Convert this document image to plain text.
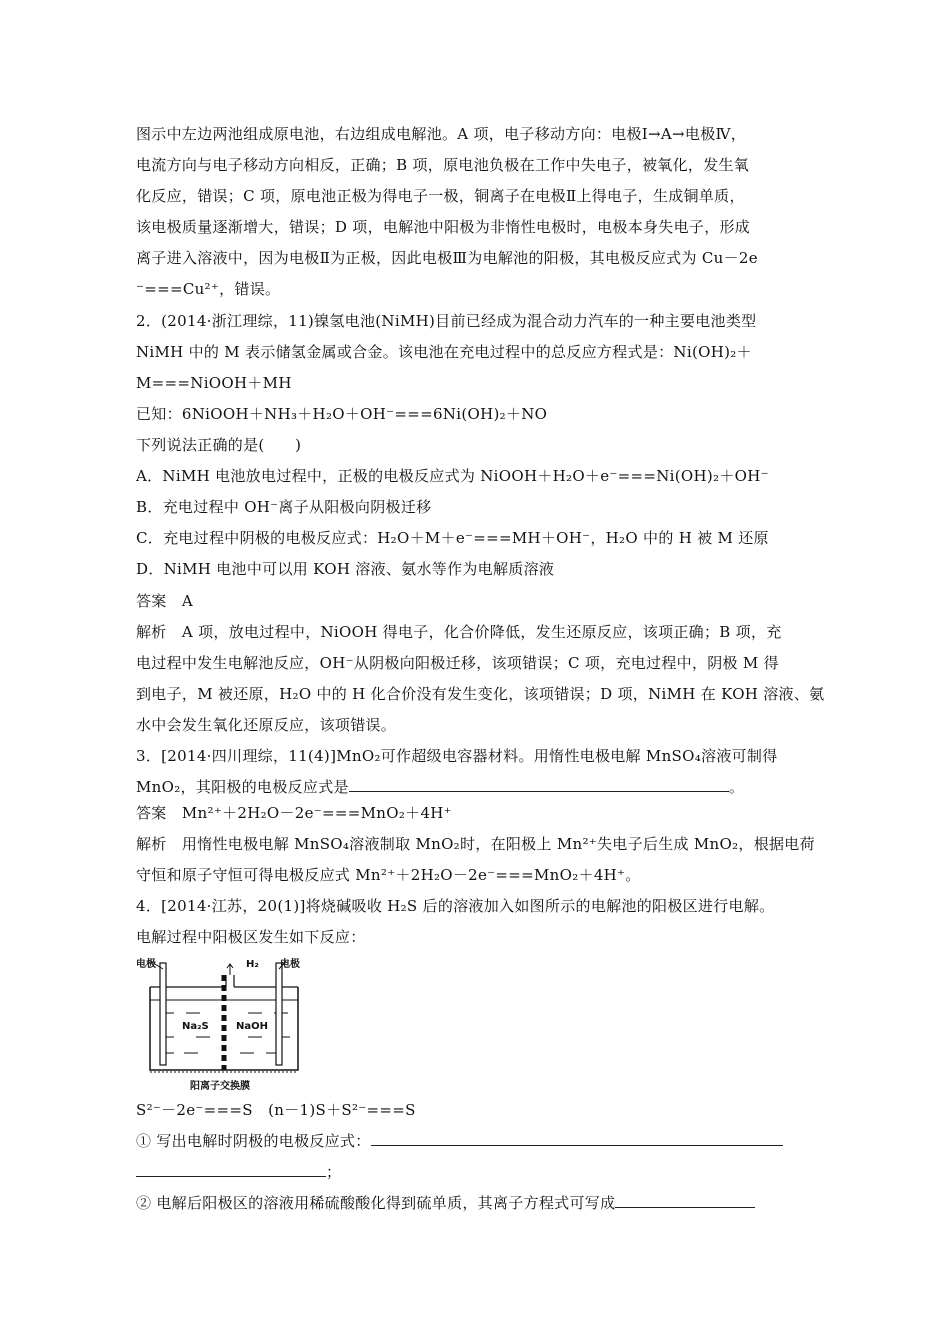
图示中左边两池组成原电池，右边组成电解池。A 项，电子移动方向：电极Ⅰ→A→电极Ⅳ，
电流方向与电子移动方向相反，正确；B 项，原电池负极在工作中失电子，被氧化，发生氧
化反应，错误；C 项，原电池正极为得电子一极，铜离子在电极Ⅱ上得电子，生成铜单质，
该电极质量逐渐增大，错误；D 项，电解池中阳极为非惰性电极时，电极本身失电子，形成
离子进入溶液中，因为电极Ⅱ为正极，因此电极Ⅲ为电解池的阳极，其电极反应式为 Cu－2e
⁻===Cu²⁺，错误。
2．(2014·浙江理综，11)镍氢电池(NiMH)目前已经成为混合动力汽车的一种主要电池类型
NiMH 中的 M 表示储氢金属或合金。该电池在充电过程中的总反应方程式是：Ni(OH)₂＋
M===NiOOH＋MH
已知：6NiOOH＋NH₃＋H₂O＋OH⁻===6Ni(OH)₂＋NO
下列说法正确的是(　　)
A．NiMH 电池放电过程中，正极的电极反应式为 NiOOH＋H₂O＋e⁻===Ni(OH)₂＋OH⁻
B．充电过程中 OH⁻离子从阳极向阴极迁移
C．充电过程中阴极的电极反应式：H₂O＋M＋e⁻===MH＋OH⁻，H₂O 中的 H 被 M 还原
D．NiMH 电池中可以用 KOH 溶液、氨水等作为电解质溶液
答案　A
解析　A 项，放电过程中，NiOOH 得电子，化合价降低，发生还原反应，该项正确；B 项，充
电过程中发生电解池反应，OH⁻从阴极向阳极迁移，该项错误；C 项，充电过程中，阴极 M 得
到电子，M 被还原，H₂O 中的 H 化合价没有发生变化，该项错误；D 项，NiMH 在 KOH 溶液、氨
水中会发生氧化还原反应，该项错误。
3．[2014·四川理综，11(4)]MnO₂可作超级电容器材料。用惰性电极电解 MnSO₄溶液可制得
MnO₂，其阳极的电极反应式是	。
答案　Mn²⁺＋2H₂O－2e⁻===MnO₂＋4H⁺
解析　用惰性电极电解 MnSO₄溶液制取 MnO₂时，在阳极上 Mn²⁺失电子后生成 MnO₂，根据电荷
守恒和原子守恒可得电极反应式 Mn²⁺＋2H₂O－2e⁻===MnO₂＋4H⁺。
4．[2014·江苏，20(1)]将烧碱吸收 H₂S 后的溶液加入如图所示的电解池的阳极区进行电解。
电解过程中阳极区发生如下反应：
电极	电极
H₂
Na₂S	NaOH
阳离子交换膜
S²⁻－2e⁻===S　(n－1)S＋S²⁻===S
① 写出电解时阴极的电极反应式：
；
② 电解后阳极区的溶液用稀硫酸酸化得到硫单质，其离子方程式可写成
